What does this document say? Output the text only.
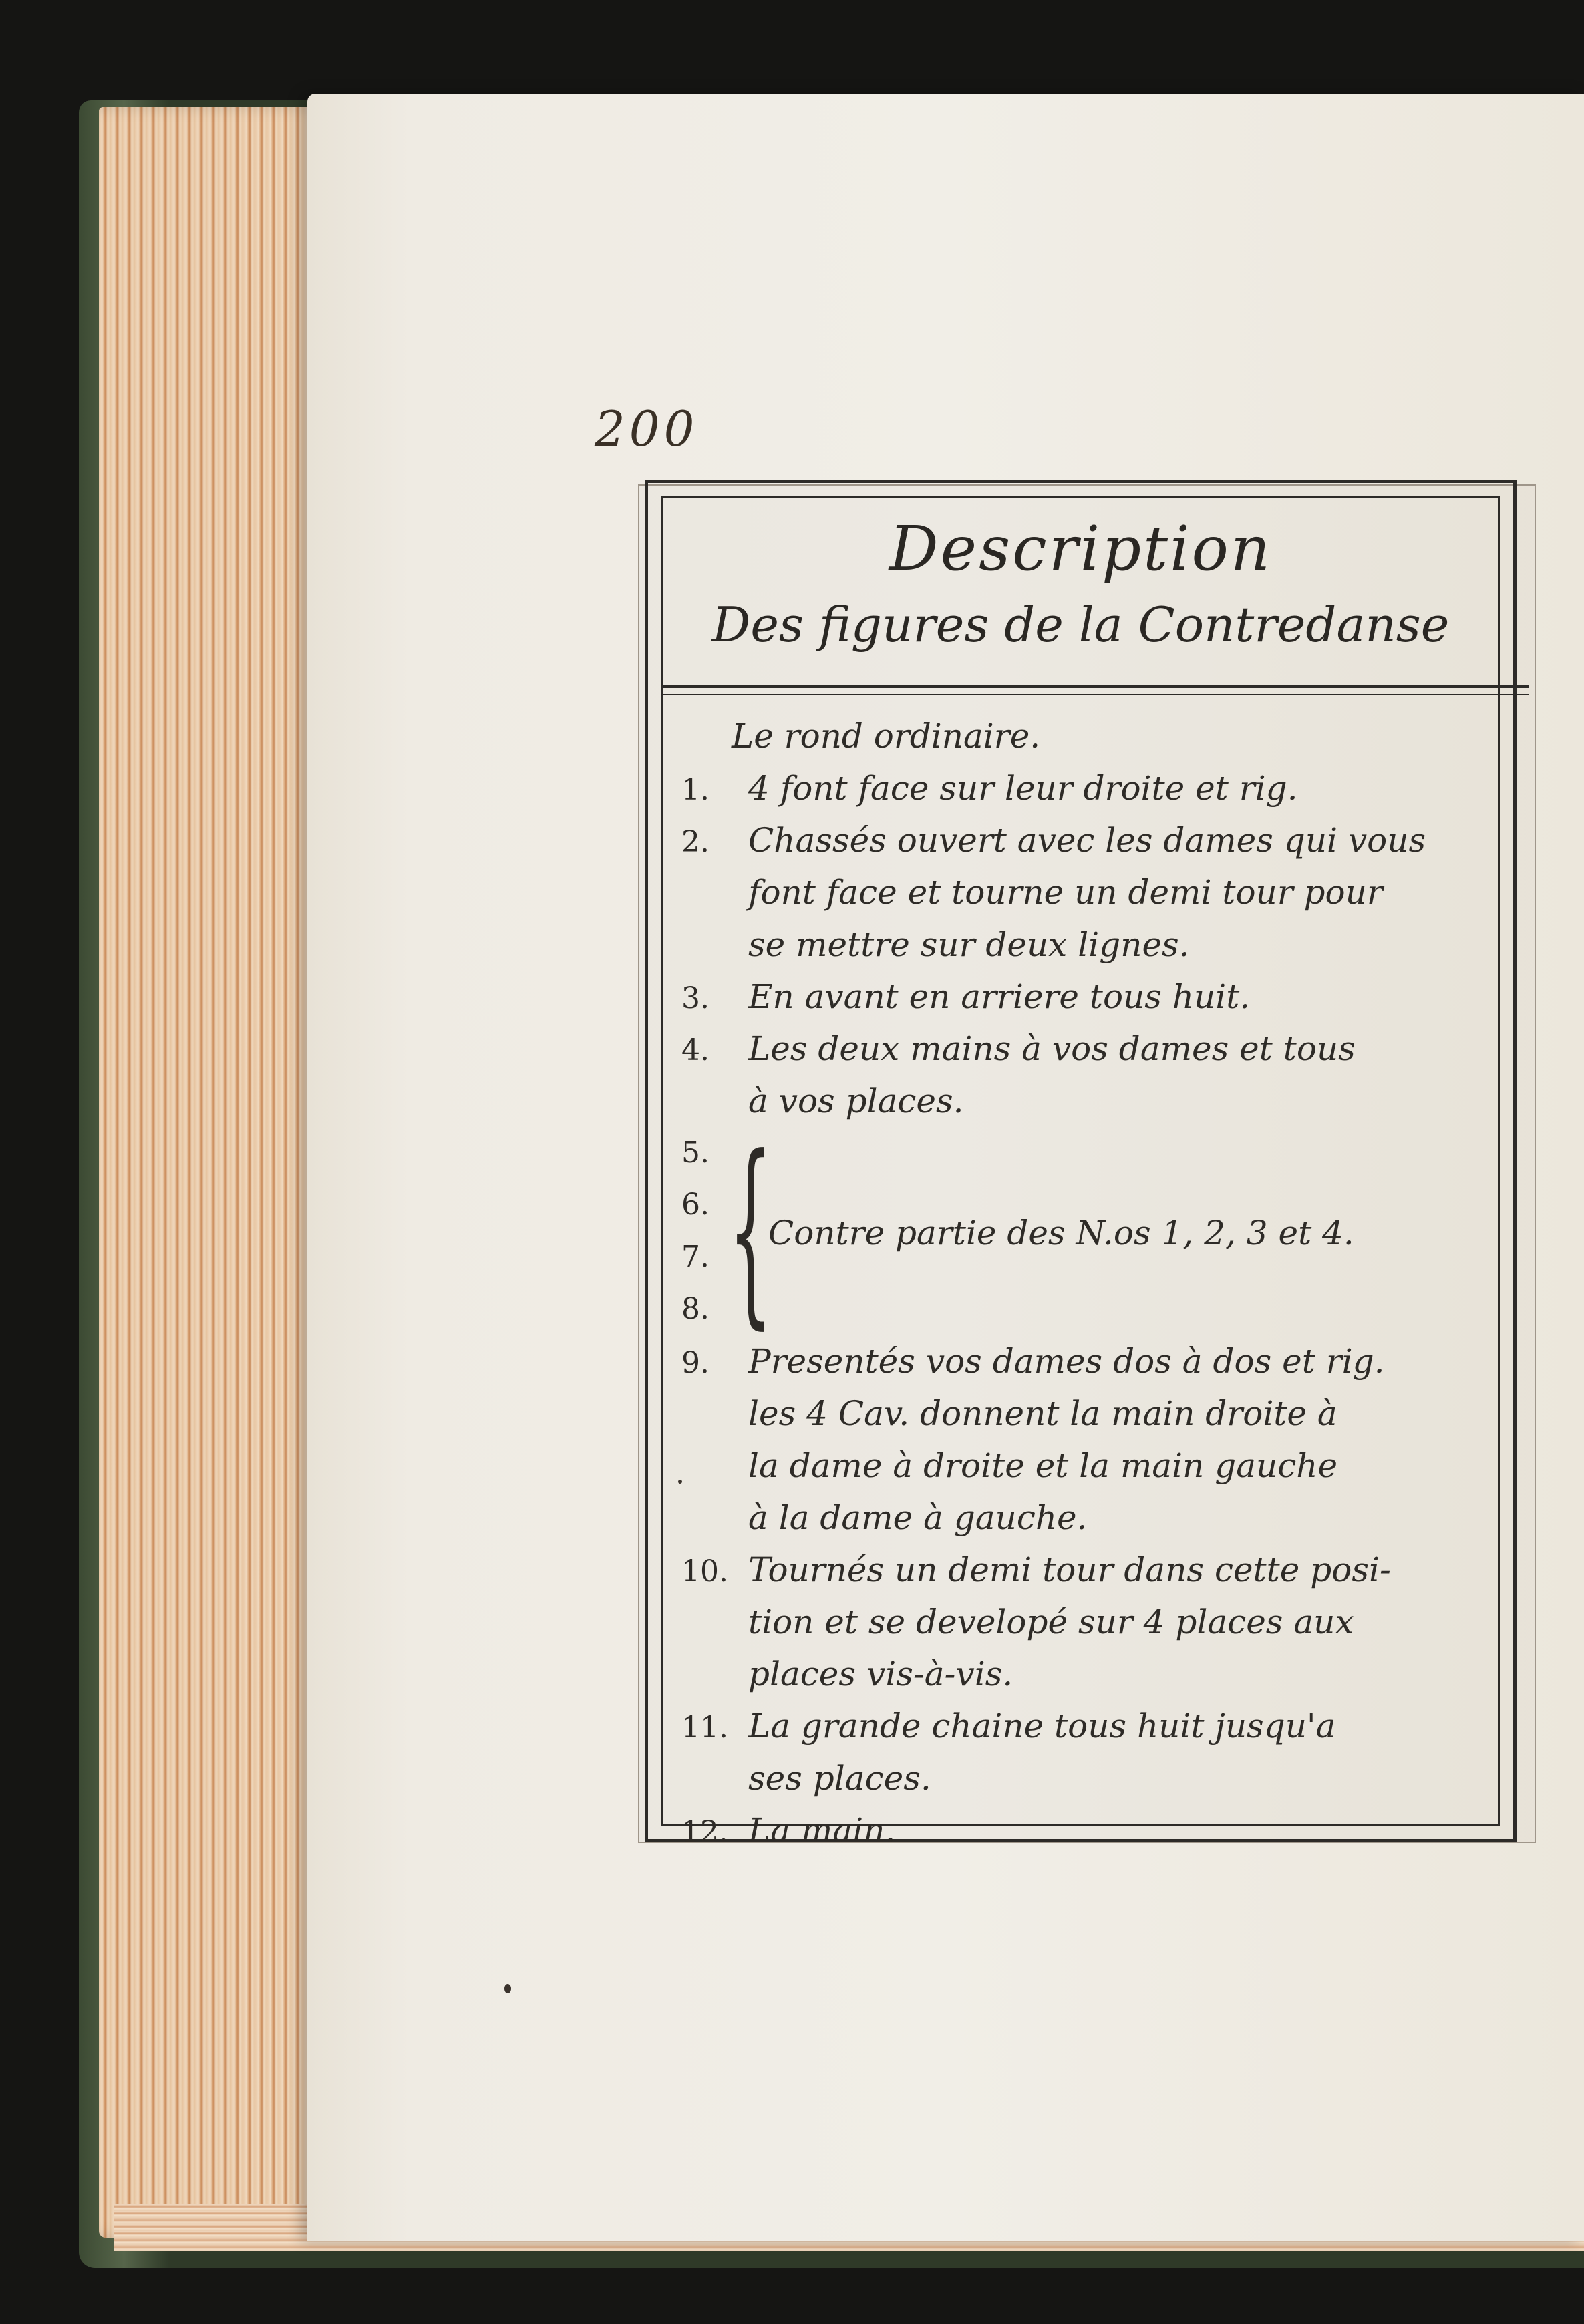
200
Description
Des figures de la Contredanse
Le rond ordinaire.
1. 4 font face sur leur droite et rig.
2. Chassés ouvert avec les dames qui vous
font face et tourne un demi tour pour
se mettre sur deux lignes.
3. En avant en arriere tous huit.
4. Les deux mains à vos dames et tous
à vos places.
5.
6.
7.
8. {
Contre partie des N.os 1, 2, 3 et 4.
9. Presentés vos dames dos à dos et rig.
les 4 Cav. donnent la main droite à
la dame à droite et la main gauche
à la dame à gauche.
10. Tournés un demi tour dans cette posi-
tion et se developé sur 4 places aux
places vis-à-vis.
11. La grande chaine tous huit jusqu'a
ses places.
12. La main.
